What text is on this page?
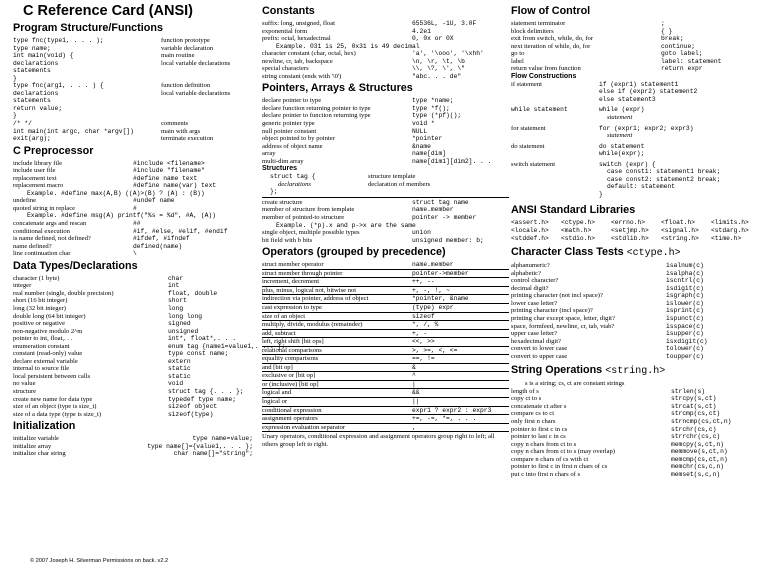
C Reference Card (ANSI)
Program Structure/Functions
type fnc(type1, . . . );	function prototype
type name;	variable declaration
int main(void) {	main routine
declarations	local variable declarations
statements
}
type fnc(arg1, . . . ) {	function definition
declarations	local variable declarations
statements
return value;
}
/* */	comments
int main(int argc, char *argv[])	main with args
exit(arg);	terminate execution
C Preprocessor
include library file	#include <filename>
include user file	#include "filename"
replacement text	#define name text
replacement macro	#define name(var) text
Example. #define max(A,B) ((A)>(B) ? (A) : (B))
undefine	#undef name
quoted string in replace	#
Example. #define msg(A) printf("%s = %d", #A, (A))
concatenate args and rescan	##
conditional execution	#if, #else, #elif, #endif
is name defined, not defined?	#ifdef, #ifndef
name defined?	defined(name)
line continuation char	\
Data Types/Declarations
character (1 byte)	char
integer	int
real number (single, double precision)	float, double
short (16 bit integer)	short
long (32 bit integer)	long
double long (64 bit integer)	long long
positive or negative	signed
non-negative modulo 2^m	unsigned
pointer to int, float,. . .	int*, float*,. . .
enumeration constant	enum tag {name1=value1,. . . };
constant (read-only) value	type const name;
declare external variable	extern
internal to source file	static
local persistent between calls	static
no value	void
structure	struct tag {. . . };
create new name for data type	typedef type name;
size of an object (type is size_t)	sizeof object
size of a data type (type is size_t)	sizeof(type)
Initialization
initialize variable	type name=value;
initialize array	type name[]={value1,. . . };
initialize char string	char name[]="string";
© 2007 Joseph H. Silverman Permissions on back. v2.2
Constants
suffix: long, unsigned, float	65536L, -1U, 3.0F
exponential form	4.2e1
prefix: octal, hexadecimal	0, 0x or 0X
Example. 031 is 25, 0x31 is 49 decimal
character constant (char, octal, hex)	'a', '\ooo', '\xhh'
newline, cr, tab, backspace	\n, \r, \t, \b
special characters	\\, \?, \', \"
string constant (ends with '\0')	"abc. . . de"
Pointers, Arrays & Structures
declare pointer to type	type *name;
declare function returning pointer to type	type *f();
declare pointer to function returning type	type (*pf)();
generic pointer type	void *
null pointer constant	NULL
object pointed to by pointer	*pointer
address of object name	&name
array	name[dim]
multi-dim array	name[dim1][dim2]. . .
Structures
struct tag {	structure template
declarations	declaration of members
};
create structure	struct tag name
member of structure from template	name.member
member of pointed-to structure	pointer -> member
Example. (*p).x and p->x are the same
single object, multiple possible types	union
bit field with b bits	unsigned member: b;
Operators (grouped by precedence)
struct member operator	name.member
struct member through pointer	pointer->member
increment, decrement	++, --
plus, minus, logical not, bitwise not	+, -, !, ~
indirection via pointer, address of object	*pointer, &name
cast expression to type	(type) expr
size of an object	sizeof
multiply, divide, modulus (remainder)	*, /, %
add, subtract	+, -
left, right shift [bit ops]	<<, >>
relational comparisons	>, >=, <, <=
equality comparisons	==, !=
and [bit op]	&
exclusive or [bit op]	^
or (inclusive) [bit op]	|
logical and	&&
logical or	||
conditional expression	expr1 ? expr2 : expr3
assignment operators	+=, -=, *=, . . .
expression evaluation separator	,
Unary operators, conditional expression and assignment operators group right to left; all others group left to right.
Flow of Control
statement terminator	;
block delimiters	{ }
exit from switch, while, do, for	break;
next iteration of while, do, for	continue;
go to	goto label;
label	label: statement
return value from function	return expr
Flow Constructions
if statement	if (expr1) statement1
else if (expr2) statement2
else statement3
while statement	while (expr)
statement
for statement	for (expr1; expr2; expr3)
statement
do statement	do statement
while(expr);
switch statement	switch (expr) {
case const1: statement1 break;
case const2: statement2 break;
default: statement
}
ANSI Standard Libraries
<assert.h>	<ctype.h>	<errno.h>	<float.h>	<limits.h>
<locale.h>	<math.h>	<setjmp.h>	<signal.h>	<stdarg.h>
<stddef.h>	<stdio.h>	<stdlib.h>	<string.h>	<time.h>
Character Class Tests <ctype.h>
alphanumeric?	isalnum(c)
alphabetic?	isalpha(c)
control character?	iscntrl(c)
decimal digit?	isdigit(c)
printing character (not incl space)?	isgraph(c)
lower case letter?	islower(c)
printing character (incl space)?	isprint(c)
printing char except space, letter, digit?	ispunct(c)
space, formfeed, newline, cr, tab, vtab?	isspace(c)
upper case letter?	isupper(c)
hexadecimal digit?	isxdigit(c)
convert to lower case	tolower(c)
convert to upper case	toupper(c)
String Operations <string.h>
s is a string; cs, ct are constant strings
length of s	strlen(s)
copy ct to s	strcpy(s,ct)
concatenate ct after s	strcat(s,ct)
compare cs to ct	strcmp(cs,ct)
only first n chars	strncmp(cs,ct,n)
pointer to first c in cs	strchr(cs,c)
pointer to last c in cs	strrchr(cs,c)
copy n chars from ct to s	memcpy(s,ct,n)
copy n chars from ct to s (may overlap)	memmove(s,ct,n)
compare n chars of cs with ct	memcmp(cs,ct,n)
pointer to first c in first n chars of cs	memchr(cs,c,n)
put c into first n chars of s	memset(s,c,n)
